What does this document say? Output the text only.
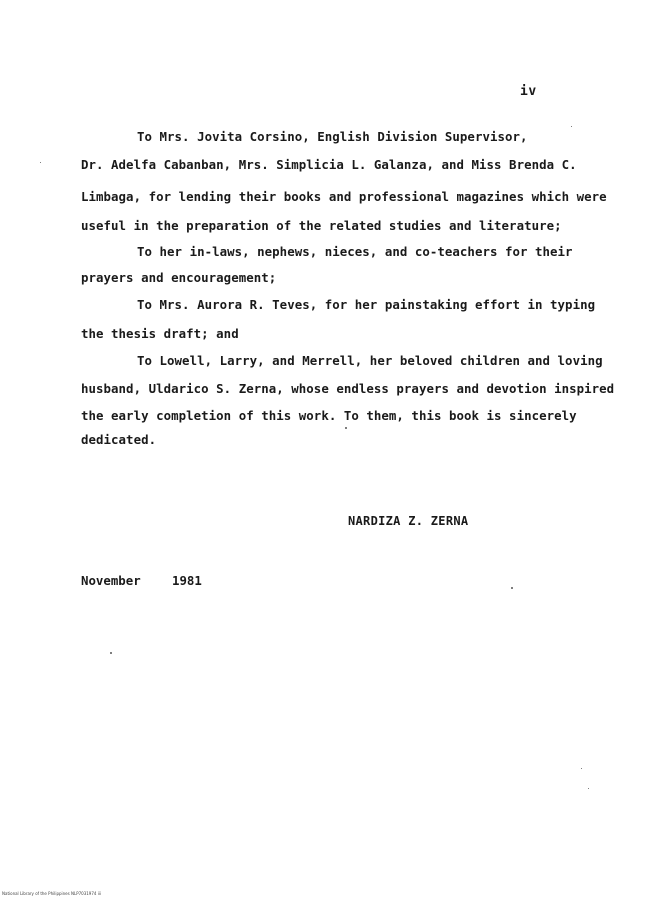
iv
To Mrs. Jovita Corsino, English Division Supervisor,
Dr. Adelfa Cabanban, Mrs. Simplicia L. Galanza, and Miss Brenda C.
Limbaga, for lending their books and professional magazines which were
useful in the preparation of the related studies and literature;
To her in-laws, nephews, nieces, and co-teachers for their
prayers and encouragement;
To Mrs. Aurora R. Teves, for her painstaking effort in typing
the thesis draft; and
To Lowell, Larry, and Merrell, her beloved children and loving
husband, Uldarico S. Zerna, whose endless prayers and devotion inspired
the early completion of this work. To them, this book is sincerely
dedicated.
NARDIZA Z. ZERNA
November	1981
National Library of the Philippines NLP7031974 iii
